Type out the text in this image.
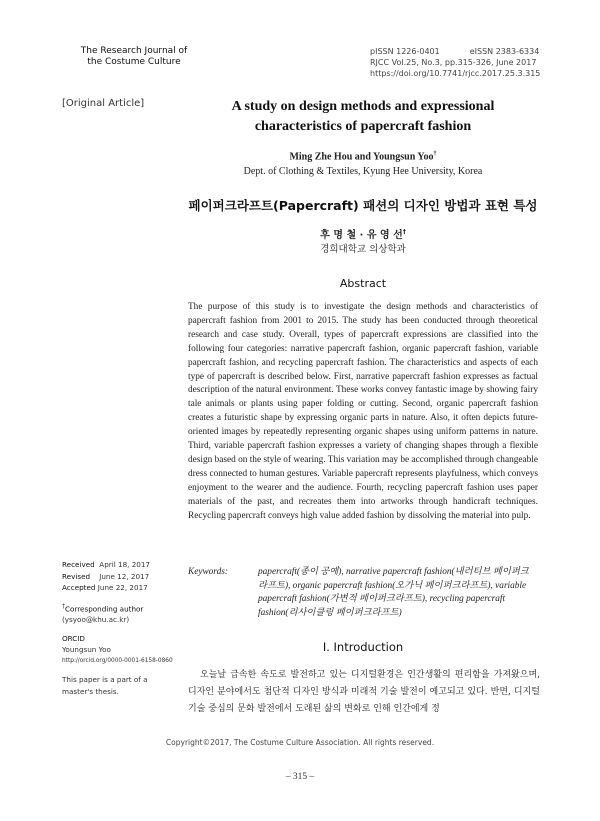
The Research Journal of
the Costume Culture
pISSN 1226-0401	eISSN 2383-6334
RJCC Vol.25, No.3, pp.315-326, June 2017
https://doi.org/10.7741/rjcc.2017.25.3.315
[Original Article]	A study on design methods and expressional
characteristics of papercraft fashion
Ming Zhe Hou and Youngsun Yoo†
Dept. of Clothing & Textiles, Kyung Hee University, Korea
페이퍼크라프트(Papercraft) 패션의 디자인 방법과 표현 특성
후 명 철 · 유 영 선†
경희대학교 의상학과
Abstract
The purpose of this study is to investigate the design methods and characteristics of papercraft fashion from 2001 to 2015. The study has been conducted through theoretical research and case study. Overall, types of papercraft expressions are classified into the following four categories: narrative papercraft fashion, organic papercraft fashion, variable papercraft fashion, and recycling papercraft fashion. The characteristics and aspects of each type of papercraft is described below. First, narrative papercraft fashion expresses as factual description of the natural environment. These works convey fantastic image by showing fairy tale animals or plants using paper folding or cutting. Second, organic papercraft fashion creates a futuristic shape by expressing organic parts in nature. Also, it often depicts future-oriented images by repeatedly representing organic shapes using uniform patterns in nature. Third, variable papercraft fashion expresses a variety of changing shapes through a flexible design based on the style of wearing. This variation may be accomplished through changeable dress connected to human gestures. Variable papercraft represents playfulness, which conveys enjoyment to the wearer and the audience. Fourth, recycling papercraft fashion uses paper materials of the past, and recreates them into artworks through handicraft techniques. Recycling papercraft conveys high value added fashion by dissolving the material into pulp.
Keywords:	papercraft(종이 공예), narrative papercraft fashion(내러티브 페이퍼크라프트), organic papercraft fashion(오가닉 페이퍼크라프트), variable papercraft fashion(가변적 페이퍼크라프트), recycling papercraft fashion(리사이클링 페이퍼크라프트)
Received April 18, 2017
Revised June 12, 2017
Accepted June 22, 2017
†Corresponding author
(ysyoo@khu.ac.kr)
ORCID
Youngsun Yoo
http://orcid.org/0000-0001-6158-0860
This paper is a part of a master's thesis.
I. Introduction
오늘날 급속한 속도로 발전하고 있는 디지털환경은 인간생활의 편리함을 가져왔으며, 디자인 분야에서도 첨단적 디자인 방식과 미래적 기술 발전이 예고되고 있다. 반면, 디지털 기술 중심의 문화 발전에서 도래된 삶의 변화로 인해 인간에게 정
Copyright©2017, The Costume Culture Association. All rights reserved.
– 315 –
